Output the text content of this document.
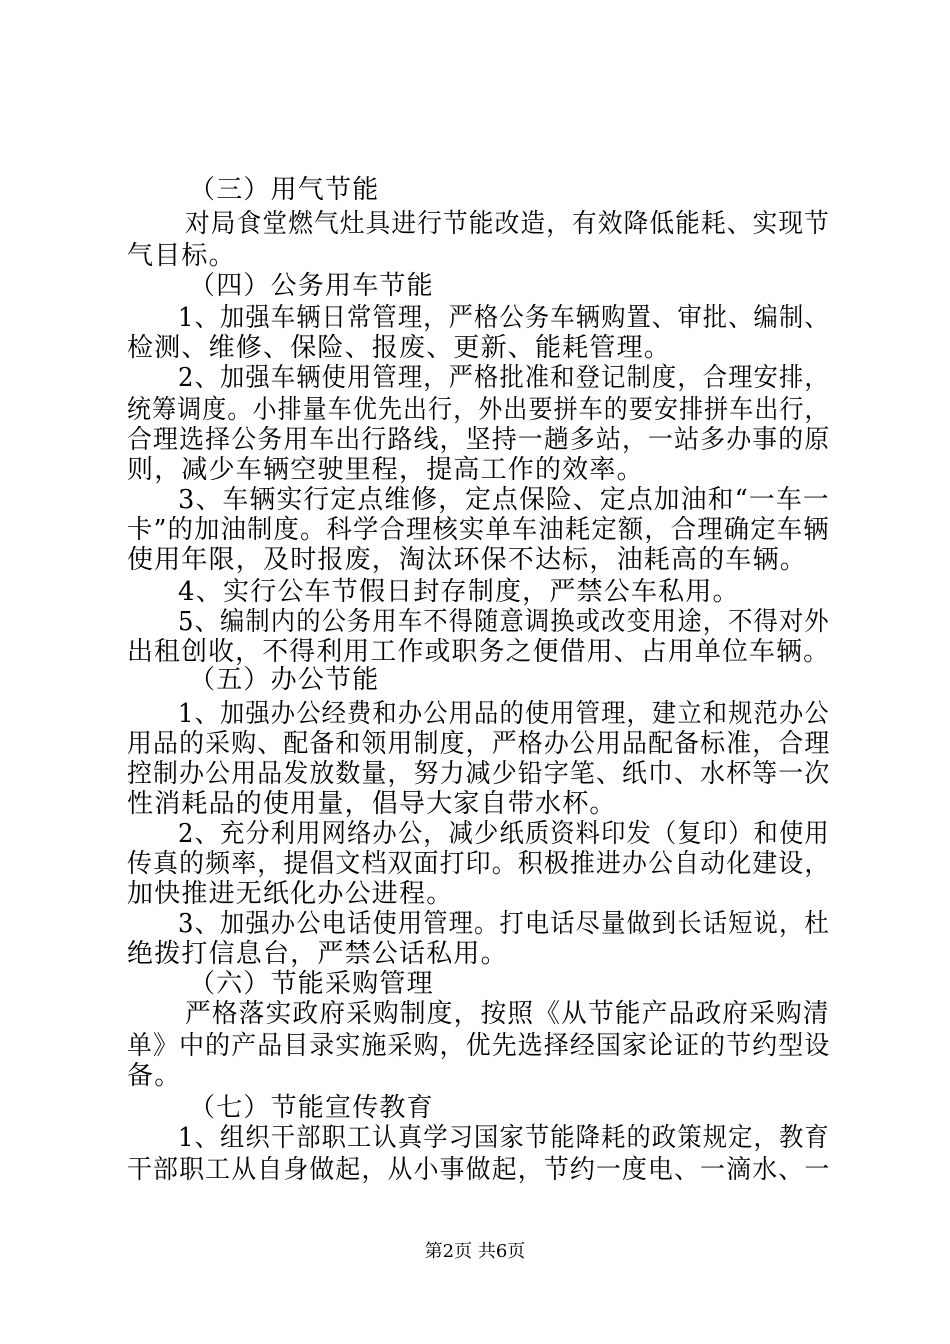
（三）用气节能
对局食堂燃气灶具进行节能改造，有效降低能耗、实现节
气目标。
（四）公务用车节能
1、加强车辆日常管理，严格公务车辆购置、审批、编制、
检测、维修、保险、报废、更新、能耗管理。
2、加强车辆使用管理，严格批准和登记制度，合理安排，
统筹调度。小排量车优先出行，外出要拼车的要安排拼车出行，
合理选择公务用车出行路线，坚持一趟多站，一站多办事的原
则，减少车辆空驶里程，提高工作的效率。
3、车辆实行定点维修，定点保险、定点加油和“一车一
卡”的加油制度。科学合理核实单车油耗定额，合理确定车辆
使用年限，及时报废，淘汰环保不达标，油耗高的车辆。
4、实行公车节假日封存制度，严禁公车私用。
5、编制内的公务用车不得随意调换或改变用途，不得对外
出租创收，不得利用工作或职务之便借用、占用单位车辆。
（五）办公节能
1、加强办公经费和办公用品的使用管理，建立和规范办公
用品的采购、配备和领用制度，严格办公用品配备标准，合理
控制办公用品发放数量，努力减少铅字笔、纸巾、水杯等一次
性消耗品的使用量，倡导大家自带水杯。
2、充分利用网络办公，减少纸质资料印发（复印）和使用
传真的频率，提倡文档双面打印。积极推进办公自动化建设，
加快推进无纸化办公进程。
3、加强办公电话使用管理。打电话尽量做到长话短说，杜
绝拨打信息台，严禁公话私用。
（六）节能采购管理
严格落实政府采购制度，按照《从节能产品政府采购清
单》中的产品目录实施采购，优先选择经国家论证的节约型设
备。
（七）节能宣传教育
1、组织干部职工认真学习国家节能降耗的政策规定，教育
干部职工从自身做起，从小事做起，节约一度电、一滴水、一
第2页 共6页
